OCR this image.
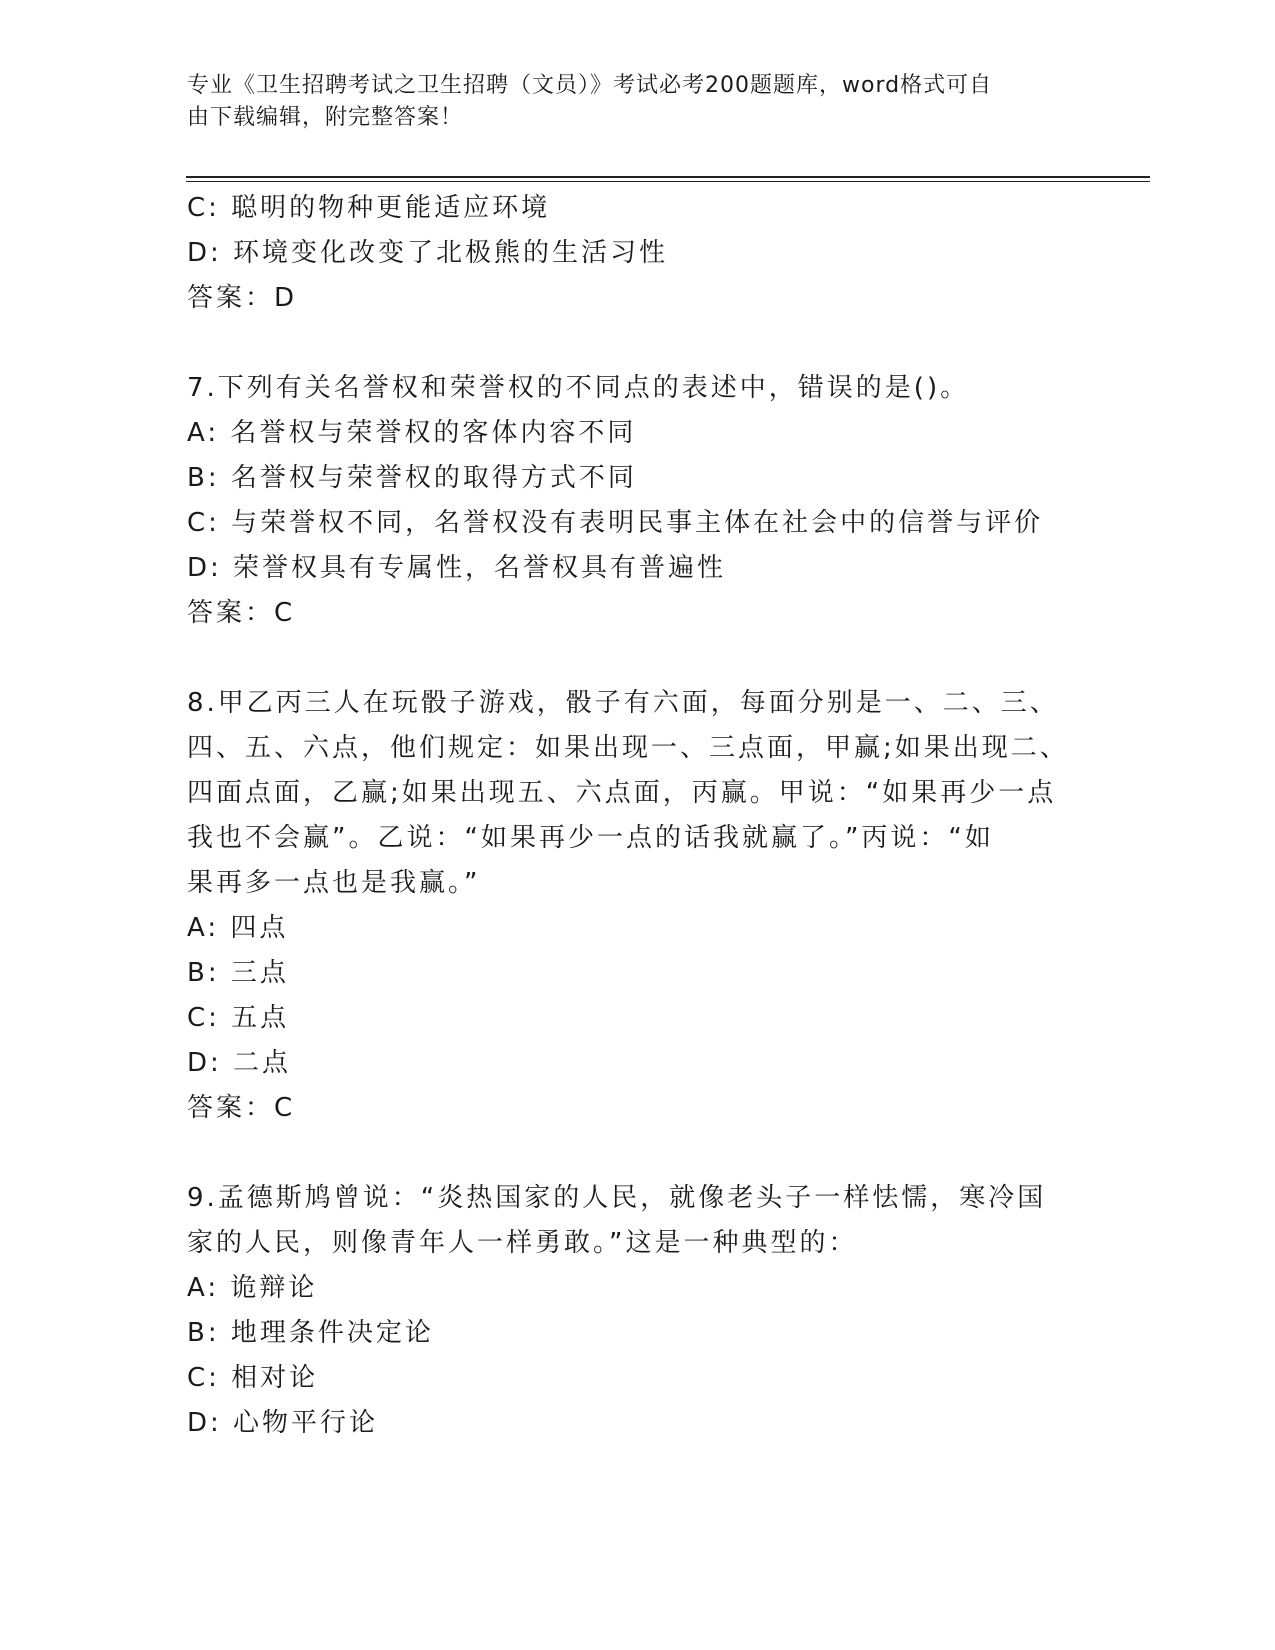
专业《卫生招聘考试之卫生招聘（文员）》考试必考200题题库，word格式可自
由下载编辑，附完整答案！
C: 聪明的物种更能适应环境
D: 环境变化改变了北极熊的生活习性
答案：D
7.下列有关名誉权和荣誉权的不同点的表述中，错误的是()。
A: 名誉权与荣誉权的客体内容不同
B: 名誉权与荣誉权的取得方式不同
C: 与荣誉权不同，名誉权没有表明民事主体在社会中的信誉与评价
D: 荣誉权具有专属性，名誉权具有普遍性
答案：C
8.甲乙丙三人在玩骰子游戏，骰子有六面，每面分别是一、二、三、
四、五、六点，他们规定：如果出现一、三点面，甲赢;如果出现二、
四面点面，乙赢;如果出现五、六点面，丙赢。甲说：“如果再少一点
我也不会赢”。乙说：“如果再少一点的话我就赢了。”丙说：“如
果再多一点也是我赢。”
A: 四点
B: 三点
C: 五点
D: 二点
答案：C
9.孟德斯鸠曾说：“炎热国家的人民，就像老头子一样怯懦，寒冷国
家的人民，则像青年人一样勇敢。”这是一种典型的：
A: 诡辩论
B: 地理条件决定论
C: 相对论
D: 心物平行论
